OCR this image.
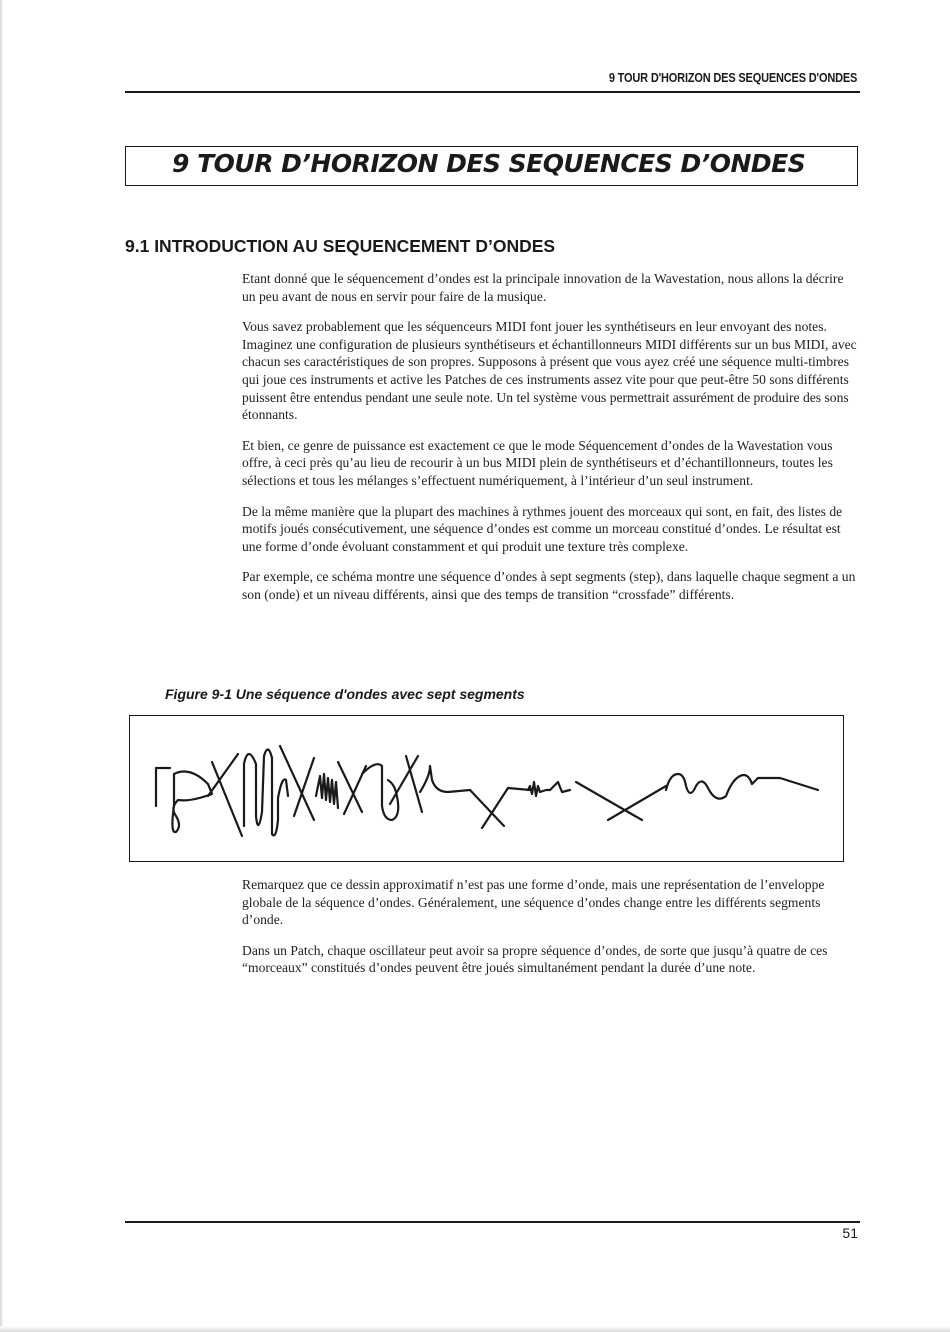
9 TOUR D'HORIZON DES SEQUENCES D'ONDES
9 TOUR D’HORIZON DES SEQUENCES D’ONDES
9.1 INTRODUCTION AU SEQUENCEMENT D’ONDES

Etant donné que le séquencement d’ondes est la principale innovation de la Wavestation, nous allons la décrire un peu avant de nous en servir pour faire de la musique.

Vous savez probablement que les séquenceurs MIDI font jouer les synthétiseurs en leur envoyant des notes. Imaginez une configuration de plusieurs synthétiseurs et échantillonneurs MIDI différents sur un bus MIDI, avec chacun ses caractéristiques de son propres. Supposons à présent que vous ayez créé une séquence multi-timbres qui joue ces instruments et active les Patches de ces instruments assez vite pour que peut-être 50 sons différents puissent être entendus pendant une seule note. Un tel système vous permettrait assurément de produire des sons étonnants.

Et bien, ce genre de puissance est exactement ce que le mode Séquencement d’ondes de la Wavestation vous offre, à ceci près qu’au lieu de recourir à un bus MIDI plein de synthétiseurs et d’échantillonneurs, toutes les sélections et tous les mélanges s’effectuent numériquement, à l’intérieur d’un seul instrument.

De la même manière que la plupart des machines à rythmes jouent des morceaux qui sont, en fait, des listes de motifs joués consécutivement, une séquence d’ondes est comme un morceau constitué d’ondes. Le résultat est une forme d’onde évoluant constamment et qui produit une texture très complexe.

Par exemple, ce schéma montre une séquence d’ondes à sept segments (step), dans laquelle chaque segment a un son (onde) et un niveau différents, ainsi que des temps de transition “crossfade” différents.

Figure 9-1 Une séquence d'ondes avec sept segments

Remarquez que ce dessin approximatif n’est pas une forme d’onde, mais une représentation de l’enveloppe globale de la séquence d’ondes. Généralement, une séquence d’ondes change entre les différents segments d’onde.

Dans un Patch, chaque oscillateur peut avoir sa propre séquence d’ondes, de sorte que jusqu’à quatre de ces “morceaux” constitués d’ondes peuvent être joués simultanément pendant la durée d’une note.

51
